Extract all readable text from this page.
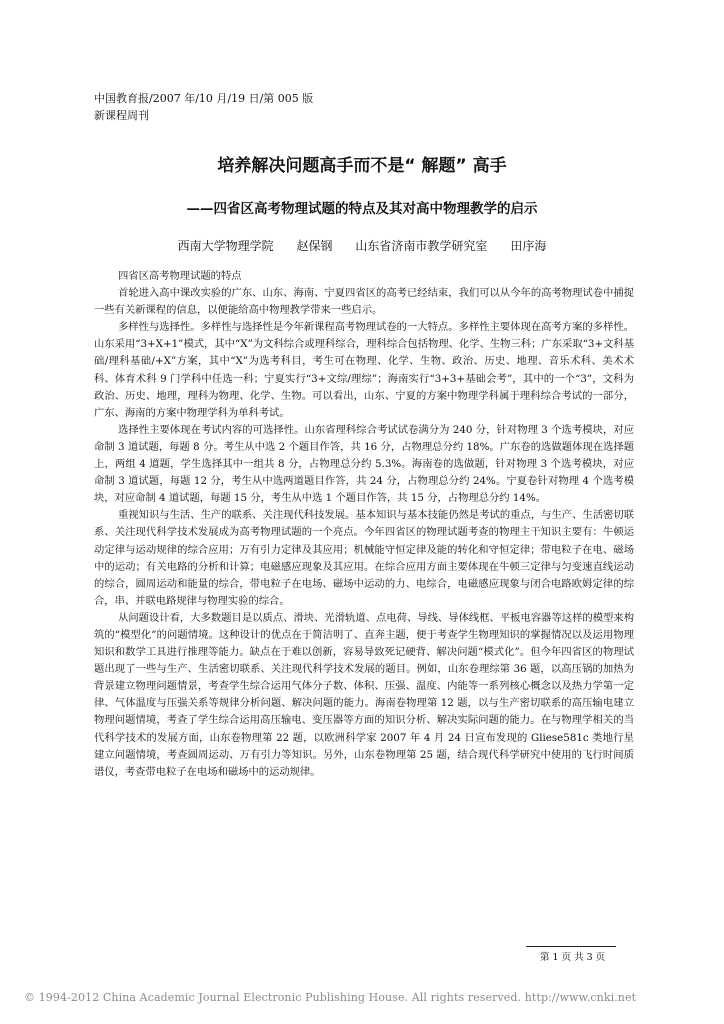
中国教育报/2007 年/10 月/19 日/第 005 版
新课程周刊
培养解决问题高手而不是“ 解题” 高手
——四省区高考物理试题的特点及其对高中物理教学的启示
西南大学物理学院      赵保钢      山东省济南市教学研究室      田序海

四省区高考物理试题的特点

首轮进入高中课改实验的广东、山东、海南、宁夏四省区的高考已经结束，我们可以从今年的高考物理试卷中捕捉一些有关新课程的信息，以便能给高中物理教学带来一些启示。

多样性与选择性。多样性与选择性是今年新课程高考物理试卷的一大特点。多样性主要体现在高考方案的多样性。山东采用“3+X+1”模式，其中“X”为文科综合或理科综合，理科综合包括物理、化学、生物三科；广东采取“3+文科基础/理科基础/+X”方案，其中“X”为选考科目，考生可在物理、化学、生物、政治、历史、地理、音乐术科、美术术科、体育术科 9 门学科中任选一科；宁夏实行“3+文综/理综”；海南实行“3+3+基础会考”，其中的一个“3”，文科为政治、历史、地理，理科为物理、化学、生物。可以看出，山东、宁夏的方案中物理学科属于理科综合考试的一部分，广东、海南的方案中物理学科为单科考试。

选择性主要体现在考试内容的可选择性。山东省理科综合考试试卷满分为 240 分，针对物理 3 个选考模块，对应命制 3 道试题，每题 8 分。考生从中选 2 个题目作答，共 16 分，占物理总分约 18%。广东卷的选做题体现在选择题上，两组 4 道题，学生选择其中一组共 8 分，占物理总分约 5.3%。海南卷的选做题，针对物理 3 个选考模块，对应命制 3 道试题，每题 12 分，考生从中选两道题目作答，共 24 分，占物理总分约 24%。宁夏卷针对物理 4 个选考模块，对应命制 4 道试题，每题 15 分，考生从中选 1 个题目作答，共 15 分，占物理总分约 14%。

重视知识与生活、生产的联系、关注现代科技发展。基本知识与基本技能仍然是考试的重点，与生产、生活密切联系、关注现代科学技术发展成为高考物理试题的一个亮点。今年四省区的物理试题考查的物理主干知识主要有：牛顿运动定律与运动规律的综合应用；万有引力定律及其应用；机械能守恒定律及能的转化和守恒定律；带电粒子在电、磁场中的运动；有关电路的分析和计算；电磁感应现象及其应用。在综合应用方面主要体现在牛顿三定律与匀变速直线运动的综合，圆周运动和能量的综合，带电粒子在电场、磁场中运动的力、电综合，电磁感应现象与闭合电路欧姆定律的综合，串、并联电路规律与物理实验的综合。

从问题设计看，大多数题目是以质点、滑块、光滑轨道、点电荷、导线、导体线框、平板电容器等这样的模型来构筑的“模型化”的问题情境。这种设计的优点在于简洁明了、直奔主题，便于考查学生物理知识的掌握情况以及运用物理知识和数学工具进行推理等能力。缺点在于难以创新，容易导致死记硬背、解决问题“模式化”。但今年四省区的物理试题出现了一些与生产、生活密切联系、关注现代科学技术发展的题目。例如，山东卷理综第 36 题，以高压锅的加热为背景建立物理问题情景，考查学生综合运用气体分子数、体积、压强、温度、内能等一系列核心概念以及热力学第一定律、气体温度与压强关系等规律分析问题、解决问题的能力。海南卷物理第 12 题，以与生产密切联系的高压输电建立物理问题情境，考查了学生综合运用高压输电、变压器等方面的知识分析、解决实际问题的能力。在与物理学相关的当代科学技术的发展方面，山东卷物理第 22 题，以欧洲科学家 2007 年 4 月 24 日宣布发现的 Gliese581c 类地行星建立问题情境，考查圆周运动、万有引力等知识。另外，山东卷物理第 25 题，结合现代科学研究中使用的飞行时间质谱仪，考查带电粒子在电场和磁场中的运动规律。

第 1 页 共 3 页
© 1994-2012 China Academic Journal Electronic Publishing House. All rights reserved. http://www.cnki.net
